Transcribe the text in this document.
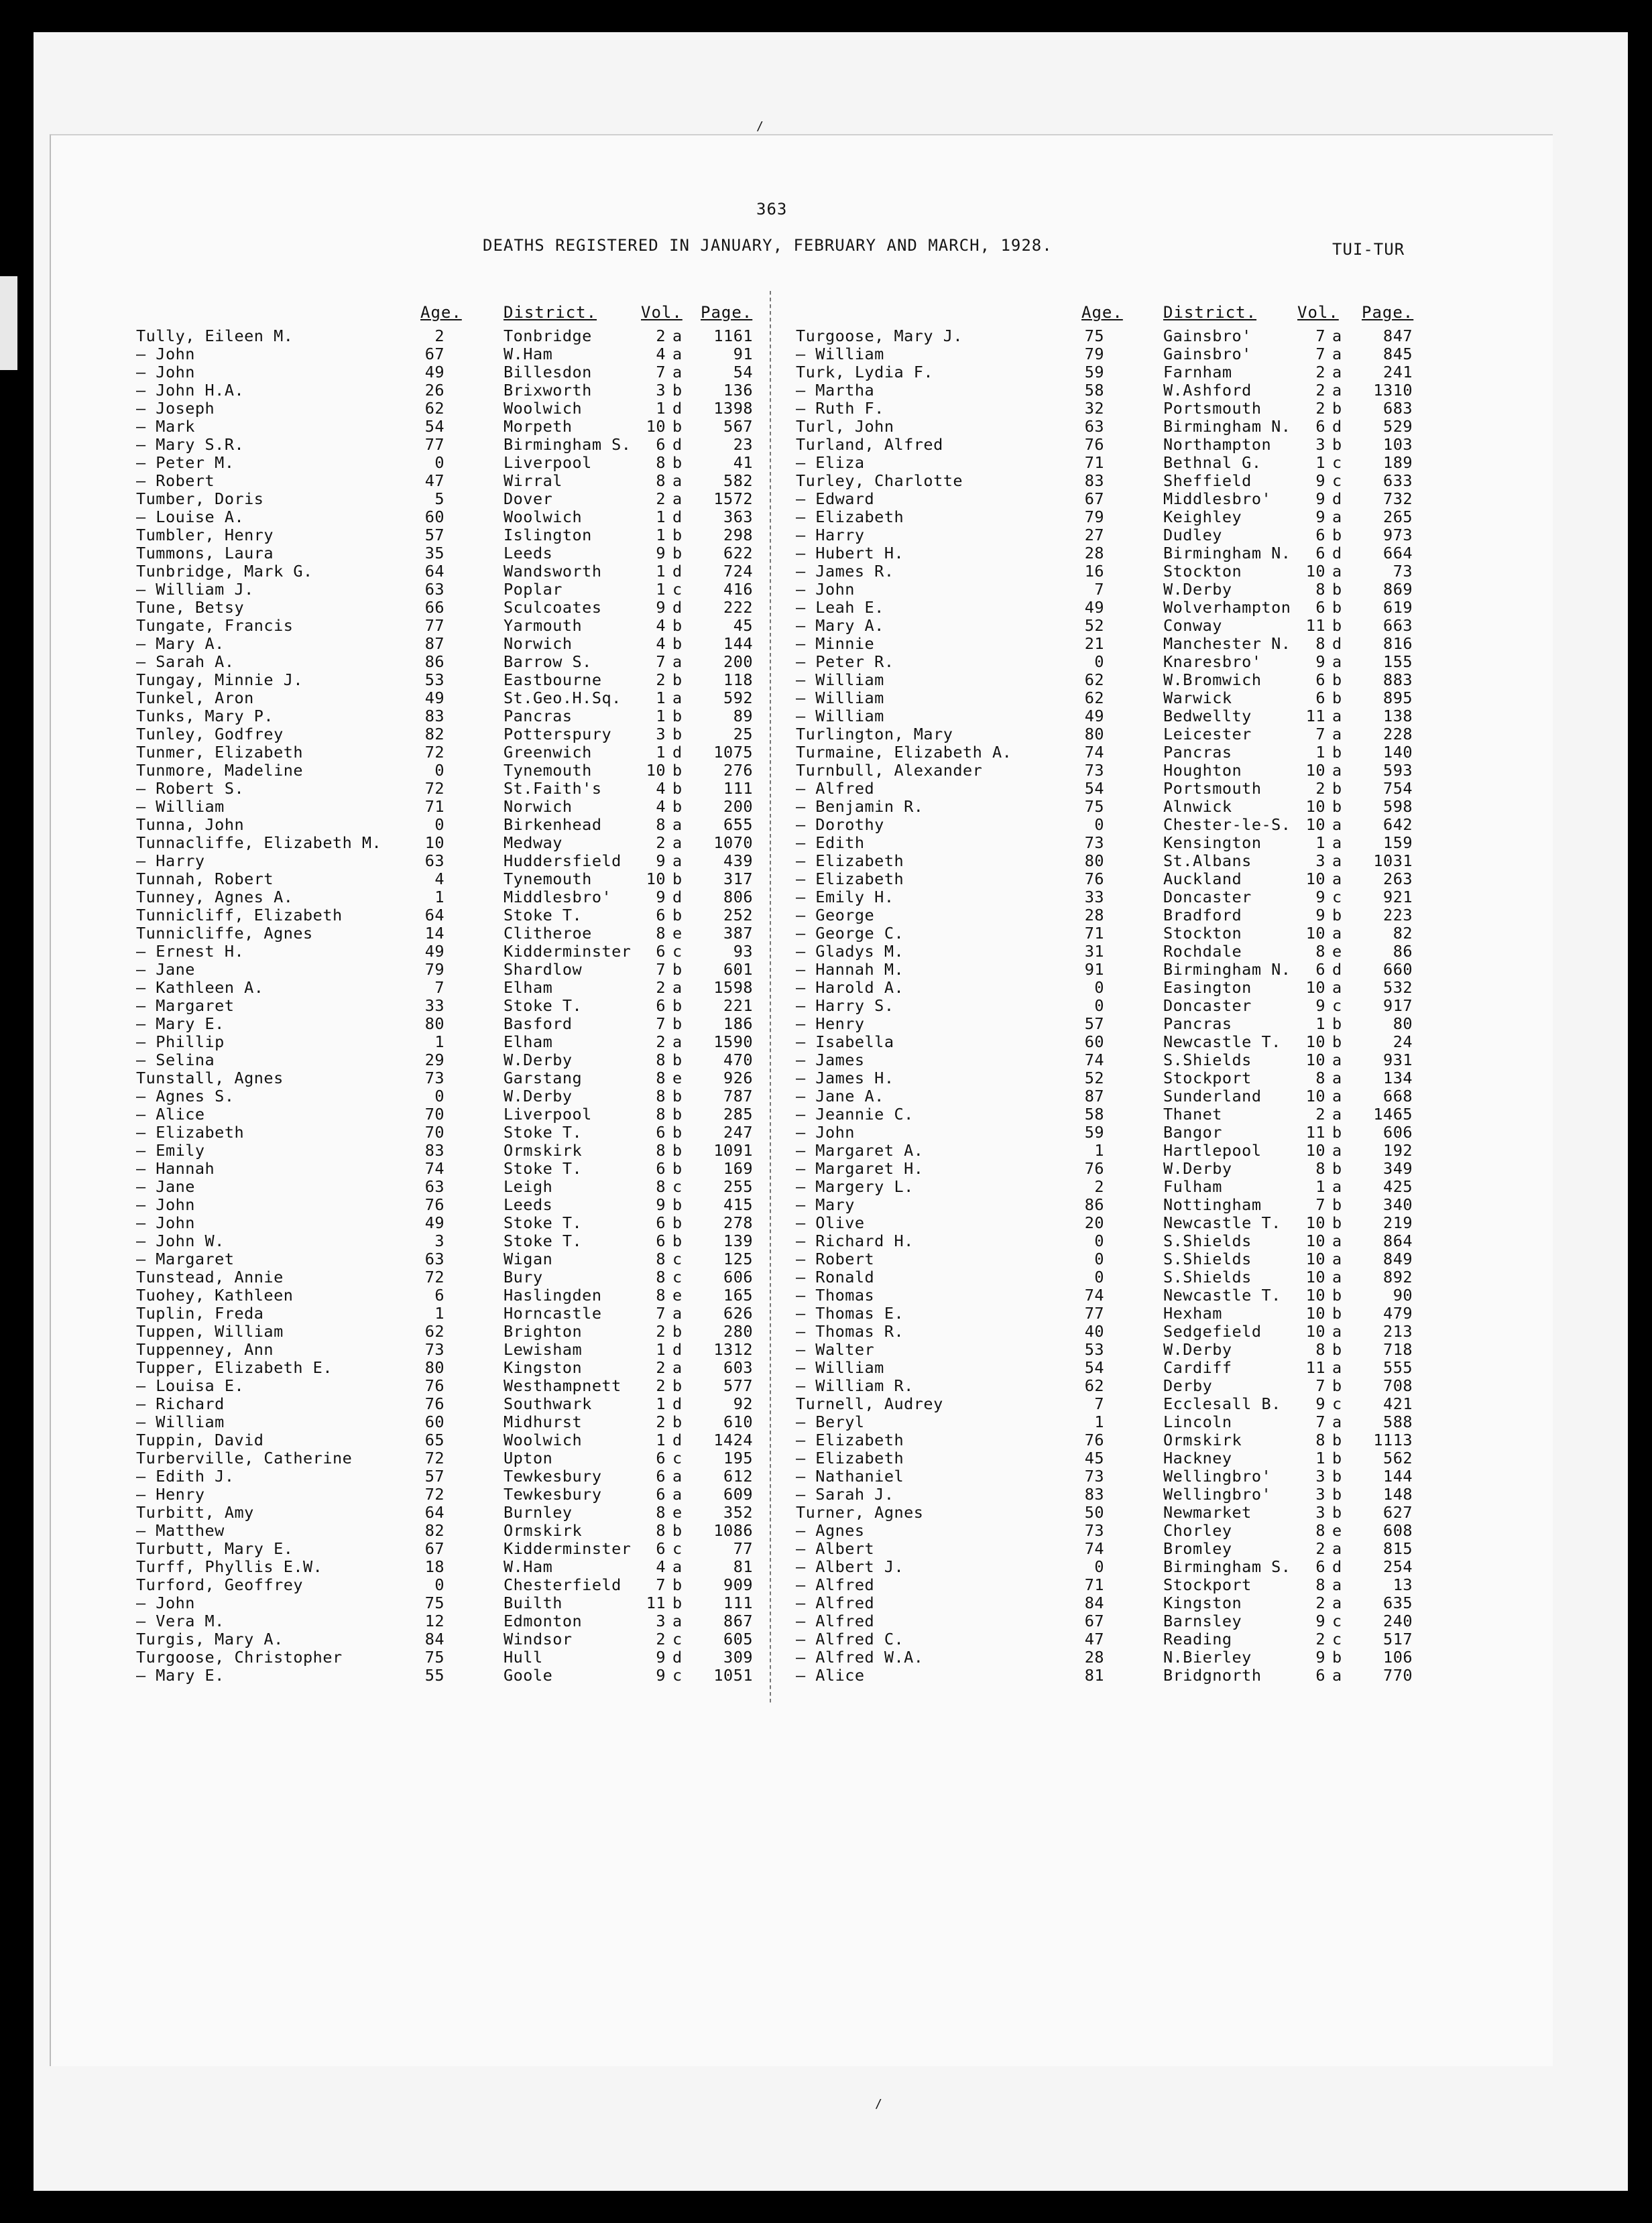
/
363
DEATHS REGISTERED IN JANUARY, FEBRUARY AND MARCH, 1928.	TUI-TUR
/
Age.	District.	Vol. Page.
Tully, Eileen M.	2	Tonbridge	2 a	1161
— John	67	W.Ham	4 a	91
— John	49	Billesdon	7 a	54
— John H.A.	26	Brixworth	3 b	136
— Joseph	62	Woolwich	1 d	1398
— Mark	54	Morpeth	10 b	567
— Mary S.R.	77	Birmingham S.	6 d	23
— Peter M.	0	Liverpool	8 b	41
— Robert	47	Wirral	8 a	582
Tumber, Doris	5	Dover	2 a	1572
— Louise A.	60	Woolwich	1 d	363
Tumbler, Henry	57	Islington	1 b	298
Tummons, Laura	35	Leeds	9 b	622
Tunbridge, Mark G.	64	Wandsworth	1 d	724
— William J.	63	Poplar	1 c	416
Tune, Betsy	66	Sculcoates	9 d	222
Tungate, Francis	77	Yarmouth	4 b	45
— Mary A.	87	Norwich	4 b	144
— Sarah A.	86	Barrow S.	7 a	200
Tungay, Minnie J.	53	Eastbourne	2 b	118
Tunkel, Aron	49	St.Geo.H.Sq.	1 a	592
Tunks, Mary P.	83	Pancras	1 b	89
Tunley, Godfrey	82	Potterspury	3 b	25
Tunmer, Elizabeth	72	Greenwich	1 d	1075
Tunmore, Madeline	0	Tynemouth	10 b	276
— Robert S.	72	St.Faith's	4 b	111
— William	71	Norwich	4 b	200
Tunna, John	0	Birkenhead	8 a	655
Tunnacliffe, Elizabeth M.	10	Medway	2 a	1070
— Harry	63	Huddersfield	9 a	439
Tunnah, Robert	4	Tynemouth	10 b	317
Tunney, Agnes A.	1	Middlesbro'	9 d	806
Tunnicliff, Elizabeth	64	Stoke T.	6 b	252
Tunnicliffe, Agnes	14	Clitheroe	8 e	387
— Ernest H.	49	Kidderminster	6 c	93
— Jane	79	Shardlow	7 b	601
— Kathleen A.	7	Elham	2 a	1598
— Margaret	33	Stoke T.	6 b	221
— Mary E.	80	Basford	7 b	186
— Phillip	1	Elham	2 a	1590
— Selina	29	W.Derby	8 b	470
Tunstall, Agnes	73	Garstang	8 e	926
— Agnes S.	0	W.Derby	8 b	787
— Alice	70	Liverpool	8 b	285
— Elizabeth	70	Stoke T.	6 b	247
— Emily	83	Ormskirk	8 b	1091
— Hannah	74	Stoke T.	6 b	169
— Jane	63	Leigh	8 c	255
— John	76	Leeds	9 b	415
— John	49	Stoke T.	6 b	278
— John W.	3	Stoke T.	6 b	139
— Margaret	63	Wigan	8 c	125
Tunstead, Annie	72	Bury	8 c	606
Tuohey, Kathleen	6	Haslingden	8 e	165
Tuplin, Freda	1	Horncastle	7 a	626
Tuppen, William	62	Brighton	2 b	280
Tuppenney, Ann	73	Lewisham	1 d	1312
Tupper, Elizabeth E.	80	Kingston	2 a	603
— Louisa E.	76	Westhampnett	2 b	577
— Richard	76	Southwark	1 d	92
— William	60	Midhurst	2 b	610
Tuppin, David	65	Woolwich	1 d	1424
Turberville, Catherine	72	Upton	6 c	195
— Edith J.	57	Tewkesbury	6 a	612
— Henry	72	Tewkesbury	6 a	609
Turbitt, Amy	64	Burnley	8 e	352
— Matthew	82	Ormskirk	8 b	1086
Turbutt, Mary E.	67	Kidderminster	6 c	77
Turff, Phyllis E.W.	18	W.Ham	4 a	81
Turford, Geoffrey	0	Chesterfield	7 b	909
— John	75	Builth	11 b	111
— Vera M.	12	Edmonton	3 a	867
Turgis, Mary A.	84	Windsor	2 c	605
Turgoose, Christopher	75	Hull	9 d	309
— Mary E.	55	Goole	9 c	1051
Age.	District.	Vol. Page.
Turgoose, Mary J.	75	Gainsbro'	7 a	847
— William	79	Gainsbro'	7 a	845
Turk, Lydia F.	59	Farnham	2 a	241
— Martha	58	W.Ashford	2 a	1310
— Ruth F.	32	Portsmouth	2 b	683
Turl, John	63	Birmingham N.	6 d	529
Turland, Alfred	76	Northampton	3 b	103
— Eliza	71	Bethnal G.	1 c	189
Turley, Charlotte	83	Sheffield	9 c	633
— Edward	67	Middlesbro'	9 d	732
— Elizabeth	79	Keighley	9 a	265
— Harry	27	Dudley	6 b	973
— Hubert H.	28	Birmingham N.	6 d	664
— James R.	16	Stockton	10 a	73
— John	7	W.Derby	8 b	869
— Leah E.	49	Wolverhampton	6 b	619
— Mary A.	52	Conway	11 b	663
— Minnie	21	Manchester N.	8 d	816
— Peter R.	0	Knaresbro'	9 a	155
— William	62	W.Bromwich	6 b	883
— William	62	Warwick	6 b	895
— William	49	Bedwellty	11 a	138
Turlington, Mary	80	Leicester	7 a	228
Turmaine, Elizabeth A.	74	Pancras	1 b	140
Turnbull, Alexander	73	Houghton	10 a	593
— Alfred	54	Portsmouth	2 b	754
— Benjamin R.	75	Alnwick	10 b	598
— Dorothy	0	Chester-le-S. 10 a	642
— Edith	73	Kensington	1 a	159
— Elizabeth	80	St.Albans	3 a	1031
— Elizabeth	76	Auckland	10 a	263
— Emily H.	33	Doncaster	9 c	921
— George	28	Bradford	9 b	223
— George C.	71	Stockton	10 a	82
— Gladys M.	31	Rochdale	8 e	86
— Hannah M.	91	Birmingham N.	6 d	660
— Harold A.	0	Easington	10 a	532
— Harry S.	0	Doncaster	9 c	917
— Henry	57	Pancras	1 b	80
— Isabella	60	Newcastle T.	10 b	24
— James	74	S.Shields	10 a	931
— James H.	52	Stockport	8 a	134
— Jane A.	87	Sunderland	10 a	668
— Jeannie C.	58	Thanet	2 a	1465
— John	59	Bangor	11 b	606
— Margaret A.	1	Hartlepool	10 a	192
— Margaret H.	76	W.Derby	8 b	349
— Margery L.	2	Fulham	1 a	425
— Mary	86	Nottingham	7 b	340
— Olive	20	Newcastle T.	10 b	219
— Richard H.	0	S.Shields	10 a	864
— Robert	0	S.Shields	10 a	849
— Ronald	0	S.Shields	10 a	892
— Thomas	74	Newcastle T.	10 b	90
— Thomas E.	77	Hexham	10 b	479
— Thomas R.	40	Sedgefield	10 a	213
— Walter	53	W.Derby	8 b	718
— William	54	Cardiff	11 a	555
— William R.	62	Derby	7 b	708
Turnell, Audrey	7	Ecclesall B.	9 c	421
— Beryl	1	Lincoln	7 a	588
— Elizabeth	76	Ormskirk	8 b	1113
— Elizabeth	45	Hackney	1 b	562
— Nathaniel	73	Wellingbro'	3 b	144
— Sarah J.	83	Wellingbro'	3 b	148
Turner, Agnes	50	Newmarket	3 b	627
— Agnes	73	Chorley	8 e	608
— Albert	74	Bromley	2 a	815
— Albert J.	0	Birmingham S.	6 d	254
— Alfred	71	Stockport	8 a	13
— Alfred	84	Kingston	2 a	635
— Alfred	67	Barnsley	9 c	240
— Alfred C.	47	Reading	2 c	517
— Alfred W.A.	28	N.Bierley	9 b	106
— Alice	81	Bridgnorth	6 a	770
